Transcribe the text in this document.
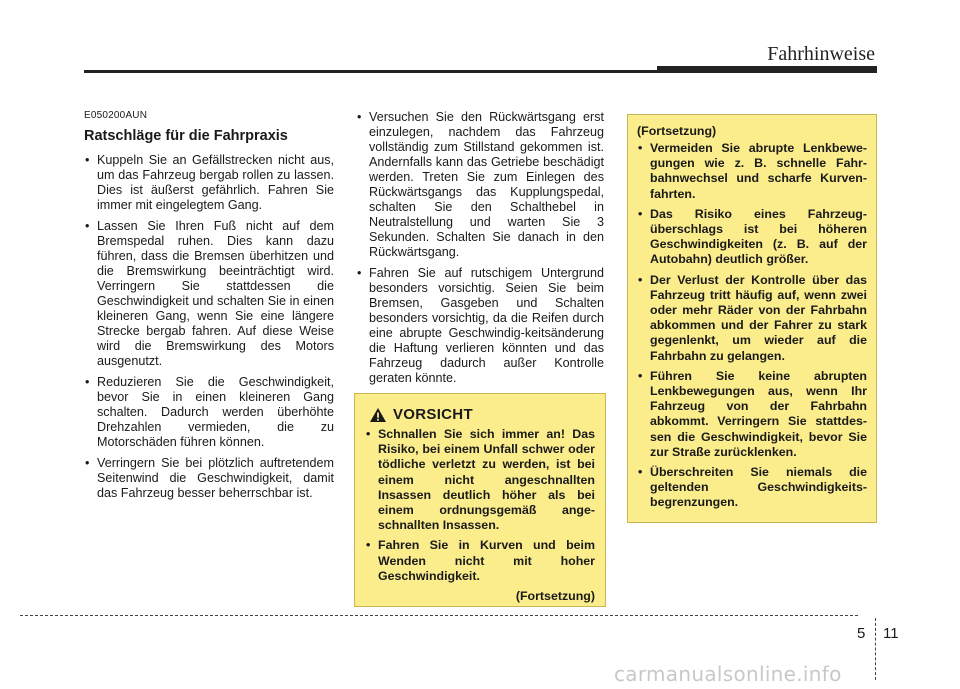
Fahrhinweise
E050200AUN
Ratschläge für die Fahrpraxis
• Kuppeln Sie an Gefällstrecken nicht aus, um das Fahrzeug bergab rollen zu lassen. Dies ist äußerst gefährlich. Fahren Sie immer mit eingelegtem Gang.
• Lassen Sie Ihren Fuß nicht auf dem Bremspedal ruhen. Dies kann dazu führen, dass die Bremsen überhitzen und die Bremswirkung beeinträchtigt wird. Verringern Sie stattdessen die Geschwindigkeit und schalten Sie in einen kleineren Gang, wenn Sie eine längere Strecke bergab fahren. Auf diese Weise wird die Bremswirkung des Motors ausgenutzt.
• Reduzieren Sie die Geschwindigkeit, bevor Sie in einen kleineren Gang schalten. Dadurch werden überhöhte Drehzahlen vermieden, die zu Motorschäden führen können.
• Verringern Sie bei plötzlich auftretendem Seitenwind die Geschwindigkeit, damit das Fahrzeug besser beherrschbar ist.
• Versuchen Sie den Rückwärtsgang erst einzulegen, nachdem das Fahrzeug vollständig zum Stillstand gekommen ist. Andernfalls kann das Getriebe beschädigt werden. Treten Sie zum Einlegen des Rückwärtsgangs das Kupplungspedal, schalten Sie den Schalthebel in Neutralstellung und warten Sie 3 Sekunden. Schalten Sie danach in den Rückwärtsgang.
• Fahren Sie auf rutschigem Untergrund besonders vorsichtig. Seien Sie beim Bremsen, Gasgeben und Schalten besonders vorsichtig, da die Reifen durch eine abrupte Geschwindig-keitsänderung die Haftung verlieren könnten und das Fahrzeug dadurch außer Kontrolle geraten könnte.
VORSICHT
• Schnallen Sie sich immer an! Das Risiko, bei einem Unfall schwer oder tödliche verletzt zu werden, ist bei einem nicht angeschnallten Insassen deutlich höher als bei einem ordnungsgemäß ange-schnallten Insassen.
• Fahren Sie in Kurven und beim Wenden nicht mit hoher Geschwindigkeit.
(Fortsetzung)
(Fortsetzung)
• Vermeiden Sie abrupte Lenkbewe-gungen wie z. B. schnelle Fahr-bahnwechsel und scharfe Kurven-fahrten.
• Das Risiko eines Fahrzeug-überschlags ist bei höheren Geschwindigkeiten (z. B. auf der Autobahn) deutlich größer.
• Der Verlust der Kontrolle über das Fahrzeug tritt häufig auf, wenn zwei oder mehr Räder von der Fahrbahn abkommen und der Fahrer zu stark gegenlenkt, um wieder auf die Fahrbahn zu gelangen.
• Führen Sie keine abrupten Lenkbewegungen aus, wenn Ihr Fahrzeug von der Fahrbahn abkommt. Verringern Sie stattdes-sen die Geschwindigkeit, bevor Sie zur Straße zurücklenken.
• Überschreiten Sie niemals die geltenden Geschwindigkeits-begrenzungen.
5 11
carmanualsonline.info
